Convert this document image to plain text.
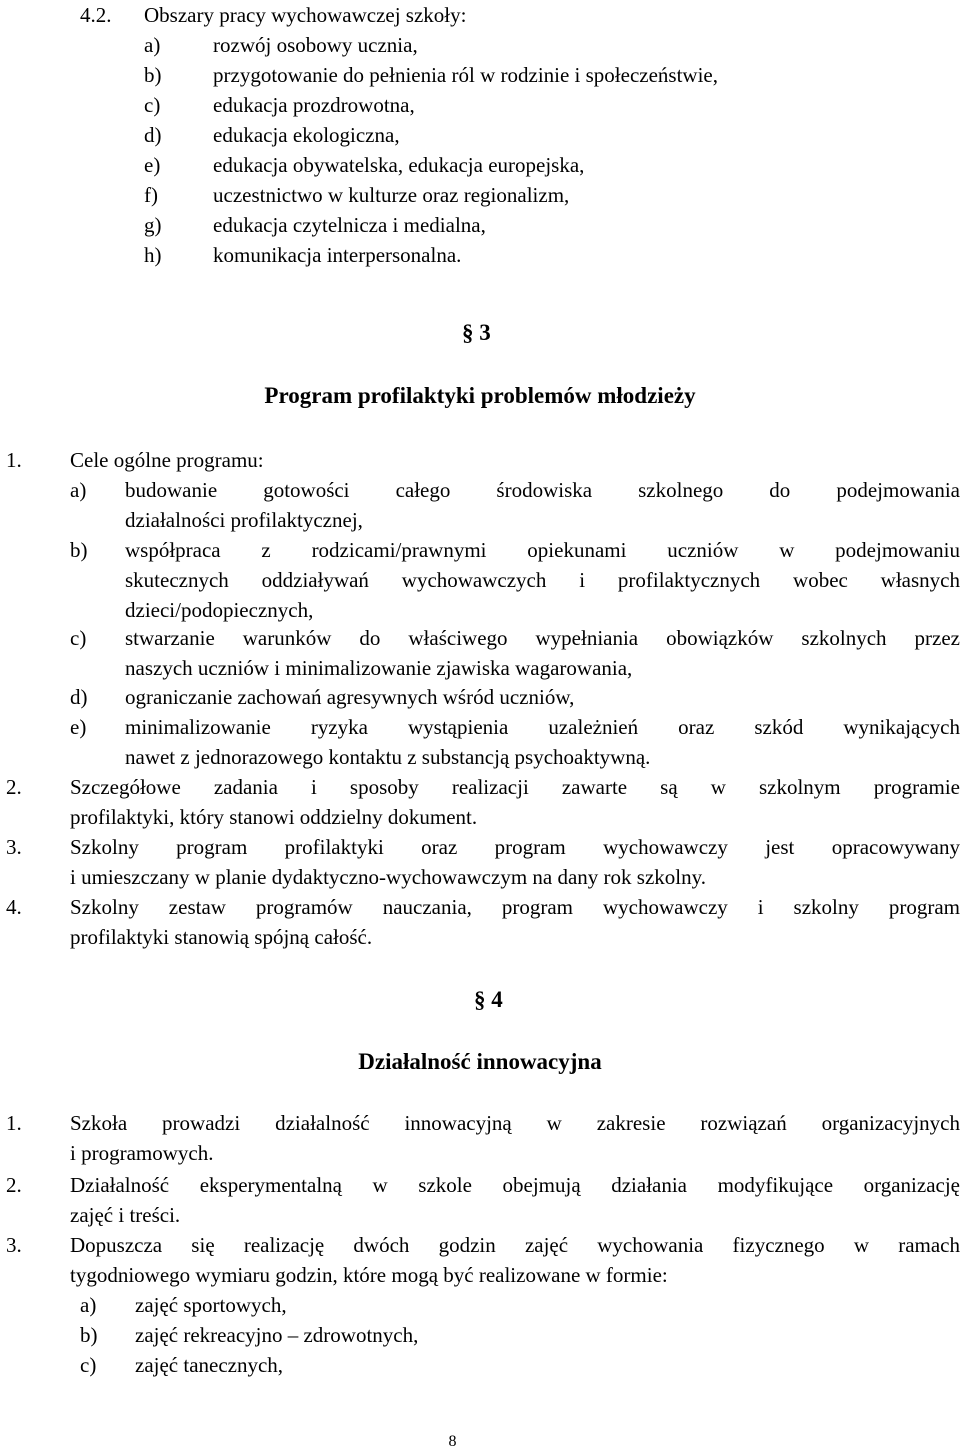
4.2. Obszary pracy wychowawczej szkoły:
a)	rozwój osobowy ucznia,
b) przygotowanie do pełnienia ról w rodzinie i społeczeństwie,
c)	edukacja prozdrowotna,
d) edukacja ekologiczna,
e)	edukacja obywatelska, edukacja europejska,
f)	uczestnictwo w kulturze oraz regionalizm,
g) edukacja czytelnicza i medialna,
h) komunikacja interpersonalna.
§ 3
Program profilaktyki problemów młodzieży
1. Cele ogólne programu:
a) budowanie gotowości całego środowiska szkolnego do podejmowania
działalności profilaktycznej,
b) współpraca z rodzicami/prawnymi opiekunami uczniów w podejmowaniu
skutecznych oddziaływań wychowawczych i profilaktycznych wobec własnych
dzieci/podopiecznych,
c) stwarzanie warunków do właściwego wypełniania obowiązków szkolnych przez
naszych uczniów i minimalizowanie zjawiska wagarowania,
d) ograniczanie zachowań agresywnych wśród uczniów,
e) minimalizowanie ryzyka wystąpienia uzależnień oraz szkód wynikających
nawet z jednorazowego kontaktu z substancją psychoaktywną.
2. Szczegółowe zadania i sposoby realizacji zawarte są w szkolnym programie
profilaktyki, który stanowi oddzielny dokument.
3. Szkolny program profilaktyki oraz program wychowawczy jest opracowywany
i umieszczany w planie dydaktyczno-wychowawczym na dany rok szkolny.
4. Szkolny zestaw programów nauczania, program wychowawczy i szkolny program
profilaktyki stanowią spójną całość.
§ 4
Działalność innowacyjna
1. Szkoła prowadzi działalność innowacyjną w zakresie rozwiązań organizacyjnych
i programowych.
2. Działalność eksperymentalną w szkole obejmują działania modyfikujące organizację
zajęć i treści.
3. Dopuszcza się realizację dwóch godzin zajęć wychowania fizycznego w ramach
tygodniowego wymiaru godzin, które mogą być realizowane w formie:
a) zajęć sportowych,
b) zajęć rekreacyjno – zdrowotnych,
c) zajęć tanecznych,
8
